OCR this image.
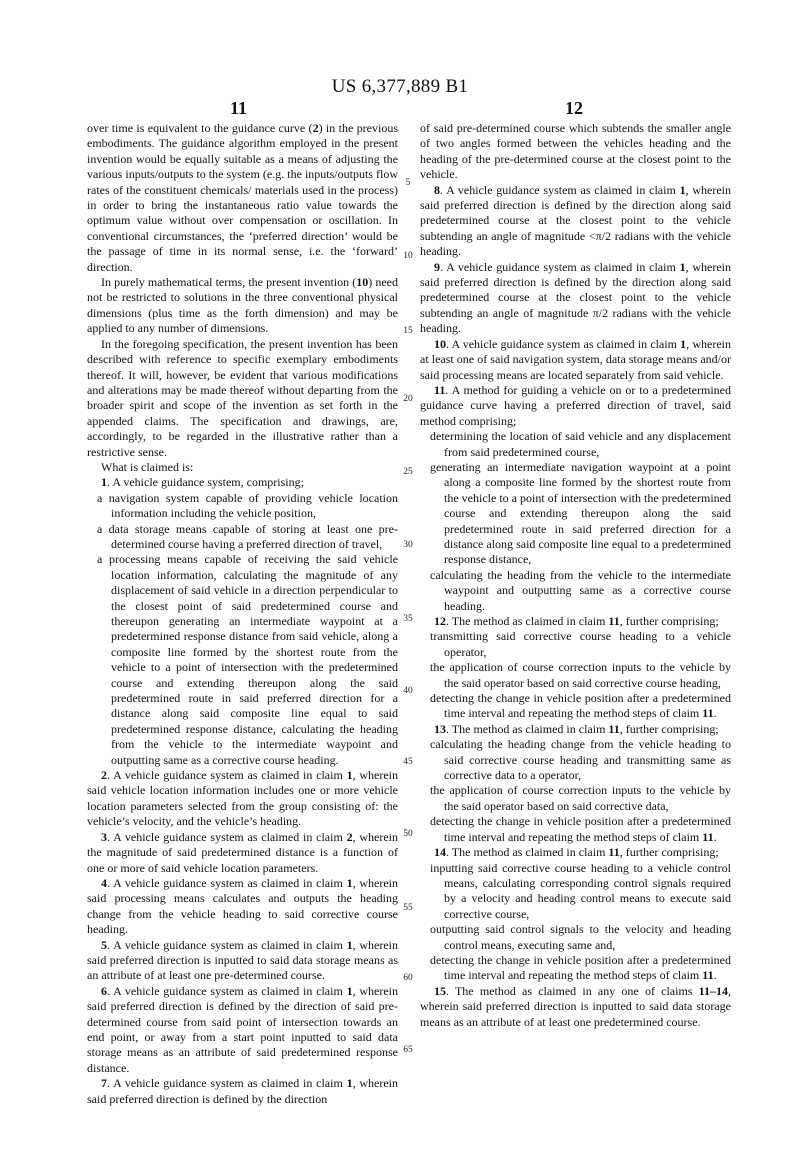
US 6,377,889 B1
11	12

over time is equivalent to the guidance curve (2) in the previous embodiments. The guidance algorithm employed in the present invention would be equally suitable as a means of adjusting the various inputs/outputs to the system (e.g. the inputs/outputs flow rates of the constituent chemicals/ materials used in the process) in order to bring the instantaneous ratio value towards the optimum value without over compensation or oscillation. In conventional circumstances, the ‘preferred direction’ would be the passage of time in its normal sense, i.e. the ‘forward’ direction.

In purely mathematical terms, the present invention (10) need not be restricted to solutions in the three conventional physical dimensions (plus time as the forth dimension) and may be applied to any number of dimensions.

In the foregoing specification, the present invention has been described with reference to specific exemplary embodiments thereof. It will, however, be evident that various modifications and alterations may be made thereof without departing from the broader spirit and scope of the invention as set forth in the appended claims. The specification and drawings, are, accordingly, to be regarded in the illustrative rather than a restrictive sense.

What is claimed is:

1. A vehicle guidance system, comprising;

a navigation system capable of providing vehicle location information including the vehicle position,

a data storage means capable of storing at least one pre-determined course having a preferred direction of travel,

a processing means capable of receiving the said vehicle location information, calculating the magnitude of any displacement of said vehicle in a direction perpendicular to the closest point of said predetermined course and thereupon generating an intermediate waypoint at a predetermined response distance from said vehicle, along a composite line formed by the shortest route from the vehicle to a point of intersection with the predetermined course and extending thereupon along the said predetermined route in said preferred direction for a distance along said composite line equal to said predetermined response distance, calculating the heading from the vehicle to the intermediate waypoint and outputting same as a corrective course heading.

2. A vehicle guidance system as claimed in claim 1, wherein said vehicle location information includes one or more vehicle location parameters selected from the group consisting of: the vehicle’s velocity, and the vehicle’s heading.

3. A vehicle guidance system as claimed in claim 2, wherein the magnitude of said predetermined distance is a function of one or more of said vehicle location parameters.

4. A vehicle guidance system as claimed in claim 1, wherein said processing means calculates and outputs the heading change from the vehicle heading to said corrective course heading.

5. A vehicle guidance system as claimed in claim 1, wherein said preferred direction is inputted to said data storage means as an attribute of at least one pre-determined course.

6. A vehicle guidance system as claimed in claim 1, wherein said preferred direction is defined by the direction of said pre-determined course from said point of intersection towards an end point, or away from a start point inputted to said data storage means as an attribute of said predetermined response distance.

7. A vehicle guidance system as claimed in claim 1, wherein said preferred direction is defined by the direction

of said pre-determined course which subtends the smaller angle of two angles formed between the vehicles heading and the heading of the pre-determined course at the closest point to the vehicle.

8. A vehicle guidance system as claimed in claim 1, wherein said preferred direction is defined by the direction along said predetermined course at the closest point to the vehicle subtending an angle of magnitude <π/2 radians with the vehicle heading.

9. A vehicle guidance system as claimed in claim 1, wherein said preferred direction is defined by the direction along said predetermined course at the closest point to the vehicle subtending an angle of magnitude π/2 radians with the vehicle heading.

10. A vehicle guidance system as claimed in claim 1, wherein at least one of said navigation system, data storage means and/or said processing means are located separately from said vehicle.

11. A method for guiding a vehicle on or to a predetermined guidance curve having a preferred direction of travel, said method comprising;

determining the location of said vehicle and any displacement from said predetermined course,

generating an intermediate navigation waypoint at a point along a composite line formed by the shortest route from the vehicle to a point of intersection with the predetermined course and extending thereupon along the said predetermined route in said preferred direction for a distance along said composite line equal to a predetermined response distance,

calculating the heading from the vehicle to the intermediate waypoint and outputting same as a corrective course heading.

12. The method as claimed in claim 11, further comprising;

transmitting said corrective course heading to a vehicle operator,

the application of course correction inputs to the vehicle by the said operator based on said corrective course heading,

detecting the change in vehicle position after a predetermined time interval and repeating the method steps of claim 11.

13. The method as claimed in claim 11, further comprising;

calculating the heading change from the vehicle heading to said corrective course heading and transmitting same as corrective data to a operator,

the application of course correction inputs to the vehicle by the said operator based on said corrective data,

detecting the change in vehicle position after a predetermined time interval and repeating the method steps of claim 11.

14. The method as claimed in claim 11, further comprising;

inputting said corrective course heading to a vehicle control means, calculating corresponding control signals required by a velocity and heading control means to execute said corrective course,

outputting said control signals to the velocity and heading control means, executing same and,

detecting the change in vehicle position after a predetermined time interval and repeating the method steps of claim 11.

15. The method as claimed in any one of claims 11–14, wherein said preferred direction is inputted to said data storage means as an attribute of at least one predetermined course.

5
10
15
20
25
30
35
40
45
50
55
60
65
